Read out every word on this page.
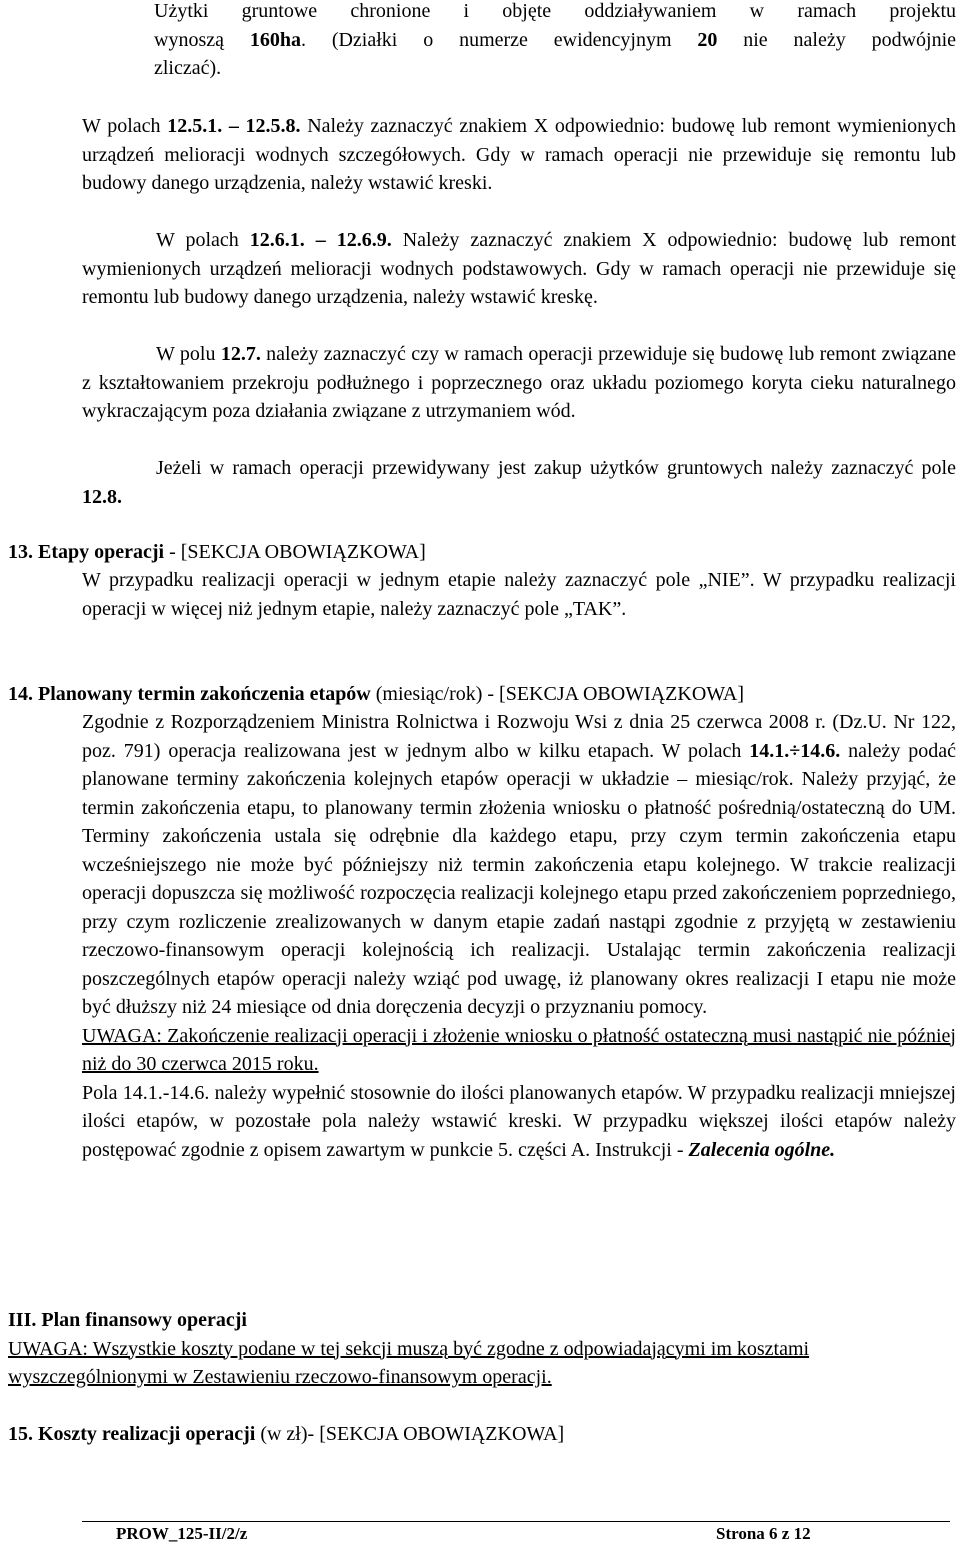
Użytki gruntowe chronione i objęte oddziaływaniem w ramach projektu

wynoszą 160ha. (Działki o numerze ewidencyjnym 20 nie należy podwójnie

zliczać).

W polach 12.5.1. – 12.5.8. Należy zaznaczyć znakiem X odpowiednio: budowę lub remont wymienionych urządzeń melioracji wodnych szczegółowych. Gdy w ramach operacji nie przewiduje się remontu lub budowy danego urządzenia, należy wstawić kreski.

W polach 12.6.1. – 12.6.9. Należy zaznaczyć znakiem X odpowiednio: budowę lub remont wymienionych urządzeń melioracji wodnych podstawowych. Gdy w ramach operacji nie przewiduje się remontu lub budowy danego urządzenia, należy wstawić kreskę.

W polu 12.7. należy zaznaczyć czy w ramach operacji przewiduje się budowę lub remont związane z kształtowaniem przekroju podłużnego i poprzecznego oraz układu poziomego koryta cieku naturalnego wykraczającym poza działania związane z utrzymaniem wód.

Jeżeli w ramach operacji przewidywany jest zakup użytków gruntowych należy zaznaczyć pole 12.8.

13. Etapy operacji - [SEKCJA OBOWIĄZKOWA]

W przypadku realizacji operacji w jednym etapie należy zaznaczyć pole „NIE”. W przypadku realizacji operacji w więcej niż jednym etapie, należy zaznaczyć pole „TAK”.

14. Planowany termin zakończenia etapów (miesiąc/rok) - [SEKCJA OBOWIĄZKOWA]

Zgodnie z Rozporządzeniem Ministra Rolnictwa i Rozwoju Wsi z dnia 25 czerwca 2008 r. (Dz.U. Nr 122, poz. 791) operacja realizowana jest w jednym albo w kilku etapach. W polach 14.1.÷14.6. należy podać planowane terminy zakończenia kolejnych etapów operacji w układzie – miesiąc/rok. Należy przyjąć, że termin zakończenia etapu, to planowany termin złożenia wniosku o płatność pośrednią/ostateczną do UM. Terminy zakończenia ustala się odrębnie dla każdego etapu, przy czym termin zakończenia etapu wcześniejszego nie może być późniejszy niż termin zakończenia etapu kolejnego. W trakcie realizacji operacji dopuszcza się możliwość rozpoczęcia realizacji kolejnego etapu przed zakończeniem poprzedniego, przy czym rozliczenie zrealizowanych w danym etapie zadań nastąpi zgodnie z przyjętą w zestawieniu rzeczowo-finansowym operacji kolejnością ich realizacji. Ustalając termin zakończenia realizacji poszczególnych etapów operacji należy wziąć pod uwagę, iż planowany okres realizacji I etapu nie może być dłuższy niż 24 miesiące od dnia doręczenia decyzji o przyznaniu pomocy.

UWAGA: Zakończenie realizacji operacji i złożenie wniosku o płatność ostateczną musi nastąpić nie później niż do 30 czerwca 2015 roku.

Pola 14.1.-14.6. należy wypełnić stosownie do ilości planowanych etapów. W przypadku realizacji mniejszej ilości etapów, w pozostałe pola należy wstawić kreski. W przypadku większej ilości etapów należy postępować zgodnie z opisem zawartym w punkcie 5. części A. Instrukcji - Zalecenia ogólne.

III. Plan finansowy operacji

UWAGA: Wszystkie koszty podane w tej sekcji muszą być zgodne z odpowiadającymi im kosztami wyszczególnionymi w Zestawieniu rzeczowo-finansowym operacji.

15. Koszty realizacji operacji (w zł)- [SEKCJA OBOWIĄZKOWA]

PROW_125-II/2/z	Strona 6 z 12
